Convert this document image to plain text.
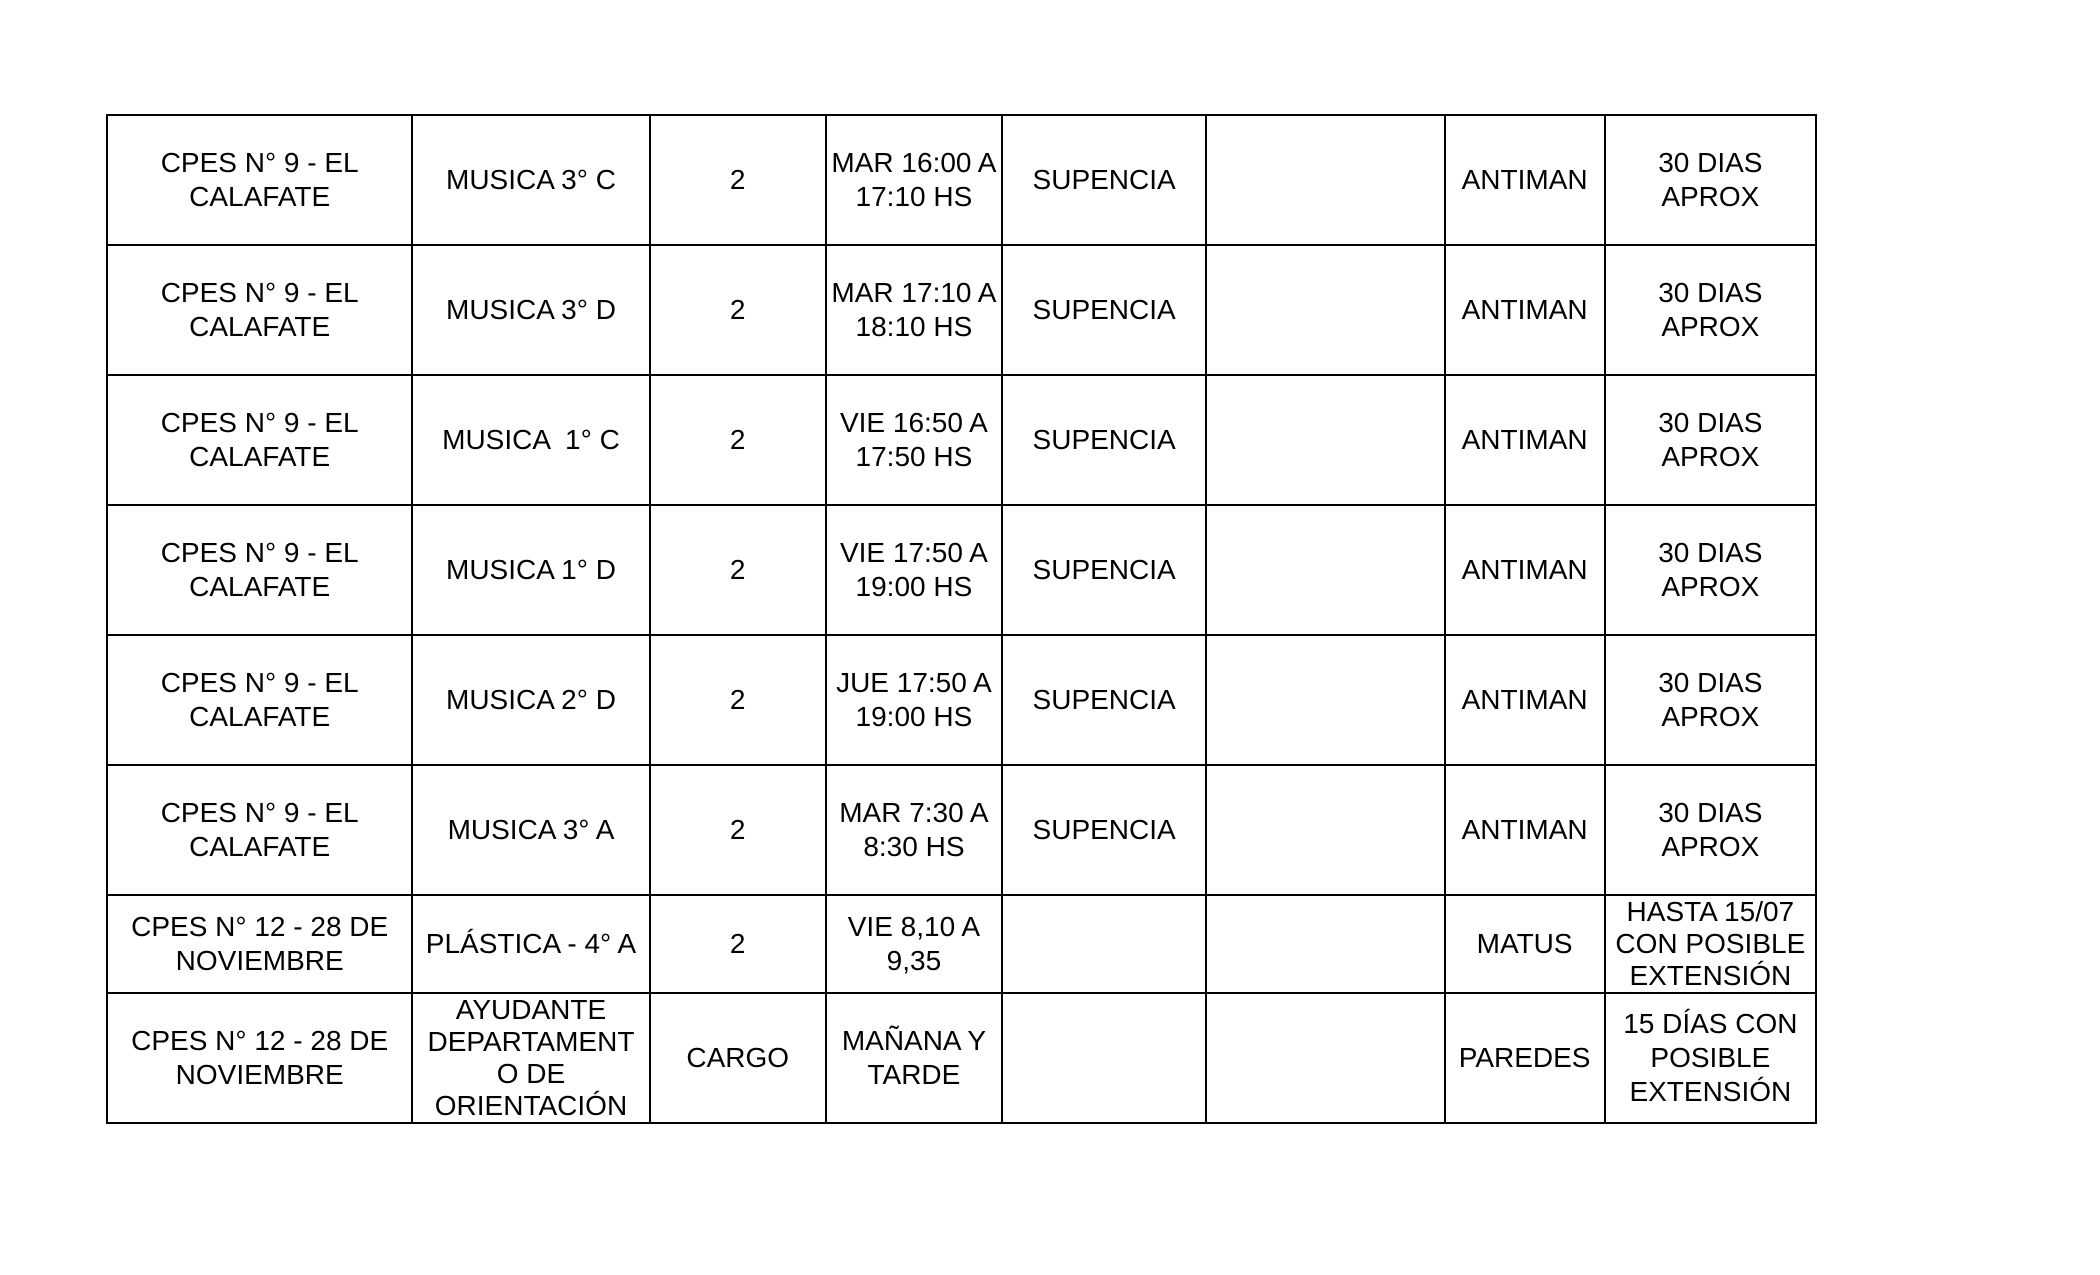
CPES N° 9 - EL
CALAFATE	MUSICA 3° C	2	MAR 16:00 A
17:10 HS	SUPENCIA		ANTIMAN	30 DIAS
APROX
CPES N° 9 - EL
CALAFATE	MUSICA 3° D	2	MAR 17:10 A
18:10 HS	SUPENCIA		ANTIMAN	30 DIAS
APROX
CPES N° 9 - EL
CALAFATE	MUSICA  1° C	2	VIE 16:50 A
17:50 HS	SUPENCIA		ANTIMAN	30 DIAS
APROX
CPES N° 9 - EL
CALAFATE	MUSICA 1° D	2	VIE 17:50 A
19:00 HS	SUPENCIA		ANTIMAN	30 DIAS
APROX
CPES N° 9 - EL
CALAFATE	MUSICA 2° D	2	JUE 17:50 A
19:00 HS	SUPENCIA		ANTIMAN	30 DIAS
APROX
CPES N° 9 - EL
CALAFATE	MUSICA 3° A	2	MAR 7:30 A
8:30 HS	SUPENCIA		ANTIMAN	30 DIAS
APROX
CPES N° 12 - 28 DE
NOVIEMBRE	PLÁSTICA - 4° A	2	VIE 8,10 A
9,35			MATUS	HASTA 15/07
CON POSIBLE
EXTENSIÓN
CPES N° 12 - 28 DE
NOVIEMBRE	AYUDANTE
DEPARTAMENT
O DE
ORIENTACIÓN	CARGO	MAÑANA Y
TARDE			PAREDES	15 DÍAS CON
POSIBLE
EXTENSIÓN
